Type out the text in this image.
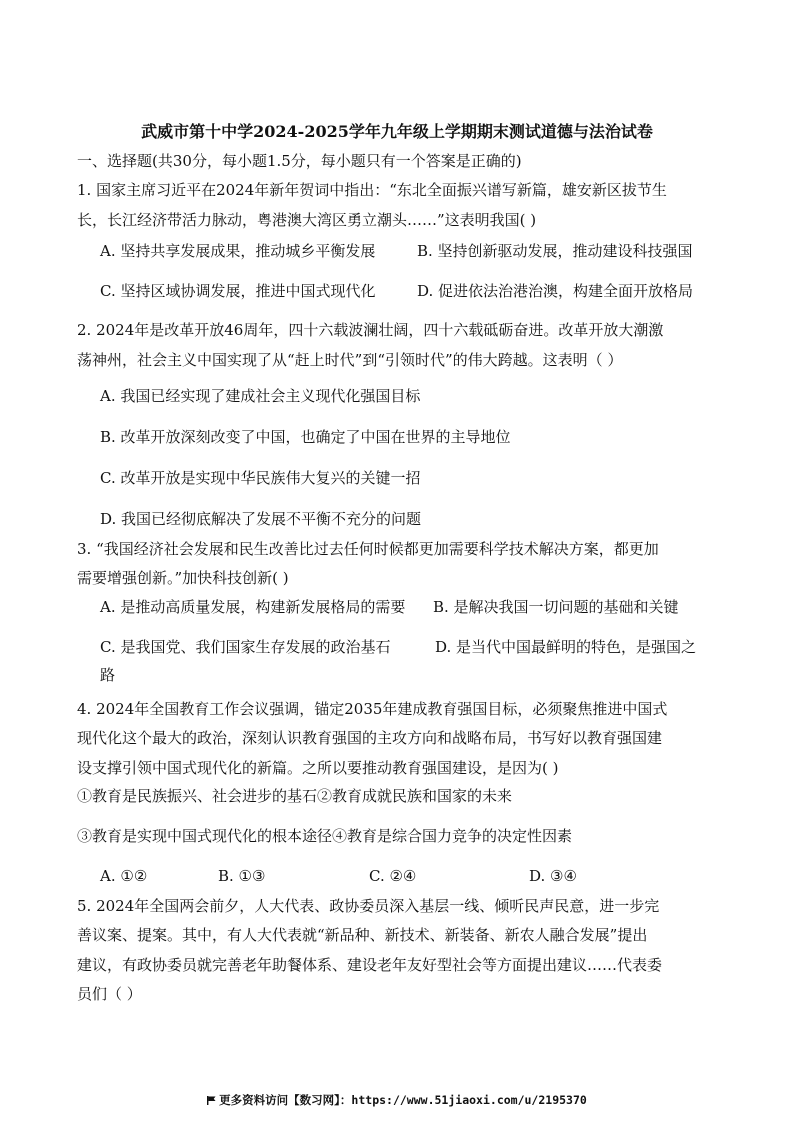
武威市第十中学2024-2025学年九年级上学期期末测试道德与法治试卷
一、选择题(共30分，每小题1.5分，每小题只有一个答案是正确的)
1. 国家主席习近平在2024年新年贺词中指出：“东北全面振兴谱写新篇，雄安新区拔节生
长，长江经济带活力脉动，粤港澳大湾区勇立潮头……”这表明我国( )
A. 坚持共享发展成果，推动城乡平衡发展	B. 坚持创新驱动发展，推动建设科技强国
C. 坚持区域协调发展，推进中国式现代化	D. 促进依法治港治澳，构建全面开放格局
2. 2024年是改革开放46周年，四十六载波澜壮阔，四十六载砥砺奋进。改革开放大潮激
荡神州，社会主义中国实现了从“赶上时代”到“引领时代”的伟大跨越。这表明（ ）
A. 我国已经实现了建成社会主义现代化强国目标
B. 改革开放深刻改变了中国，也确定了中国在世界的主导地位
C. 改革开放是实现中华民族伟大复兴的关键一招
D. 我国已经彻底解决了发展不平衡不充分的问题
3. “我国经济社会发展和民生改善比过去任何时候都更加需要科学技术解决方案，都更加
需要增强创新。”加快科技创新( )
A. 是推动高质量发展，构建新发展格局的需要 B. 是解决我国一切问题的基础和关键
C. 是我国党、我们国家生存发展的政治基石	D. 是当代中国最鲜明的特色，是强国之
路
4. 2024年全国教育工作会议强调，锚定2035年建成教育强国目标，必须聚焦推进中国式
现代化这个最大的政治，深刻认识教育强国的主攻方向和战略布局，书写好以教育强国建
设支撑引领中国式现代化的新篇。之所以要推动教育强国建设，是因为( )
①教育是民族振兴、社会进步的基石②教育成就民族和国家的未来
③教育是实现中国式现代化的根本途径④教育是综合国力竞争的决定性因素
A. ①②	B. ①③	C. ②④	D. ③④
5. 2024年全国两会前夕，人大代表、政协委员深入基层一线、倾听民声民意，进一步完
善议案、提案。其中，有人大代表就“新品种、新技术、新装备、新农人融合发展”提出
建议，有政协委员就完善老年助餐体系、建设老年友好型社会等方面提出建议……代表委
员们（ ）
更多资料访问【数习网】：https://www.51jiaoxi.com/u/2195370
